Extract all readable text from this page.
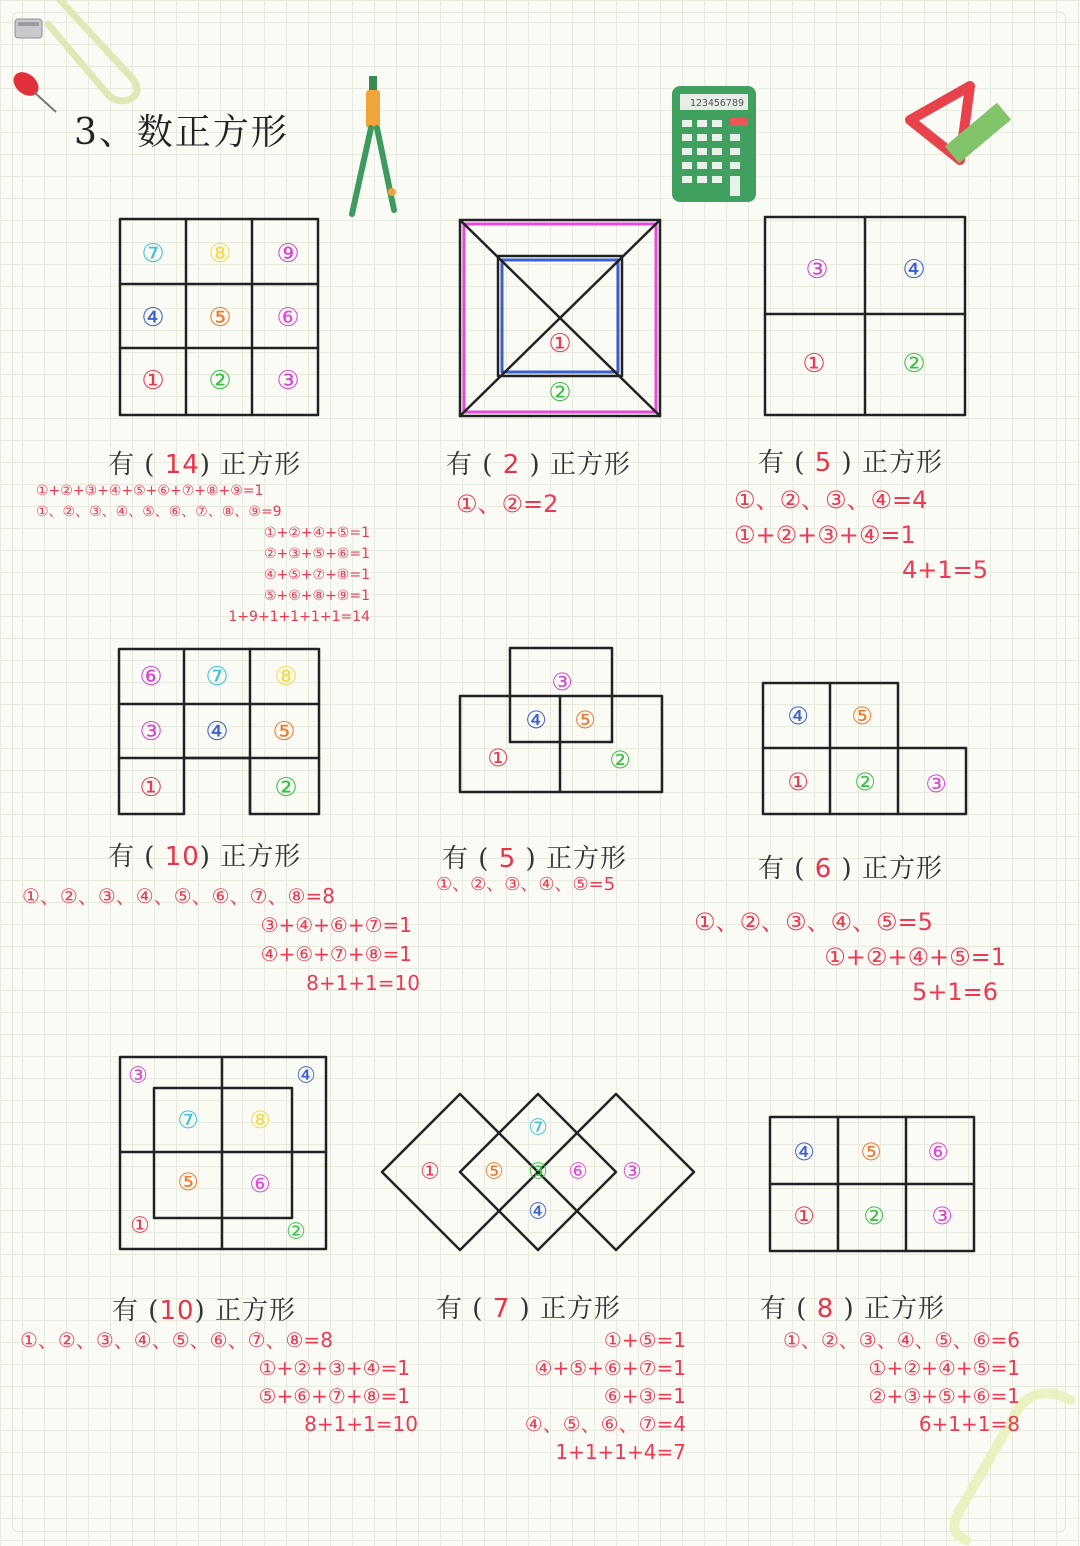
123456789
3、数正方形
⑦ ⑧ ⑨
④ ⑤ ⑥
① ② ③
有 ( 14) 正方形
①+②+③+④+⑤+⑥+⑦+⑧+⑨=1
①、②、③、④、⑤、⑥、⑦、⑧、⑨=9
①+②+④+⑤=1
②+③+⑤+⑥=1
④+⑤+⑦+⑧=1
⑤+⑥+⑧+⑨=1
1+9+1+1+1+1=14
①
②
有 ( 2 ) 正方形
①、②=2
③	④
①	②
有 ( 5 ) 正方形
①、②、③、④=4
①+②+③+④=1
4+1=5
⑥ ⑦ ⑧
③ ④ ⑤
①	②
有 ( 10) 正方形
①、②、③、④、⑤、⑥、⑦、⑧=8
③+④+⑥+⑦=1
④+⑥+⑦+⑧=1
8+1+1=10
③
④ ⑤
①	②
有 ( 5 ) 正方形
①、②、③、④、⑤=5
④ ⑤
① ② ③
有 ( 6 ) 正方形
①、②、③、④、⑤=5
①+②+④+⑤=1
5+1=6
③	④
⑦ ⑧
⑤ ⑥
①	②
有 (10) 正方形
①、②、③、④、⑤、⑥、⑦、⑧=8
①+②+③+④=1
⑤+⑥+⑦+⑧=1
8+1+1=10
⑦
① ⑤ ③ ⑥ ③
④
有 ( 7 ) 正方形
①+⑤=1
④+⑤+⑥+⑦=1
⑥+③=1
④、⑤、⑥、⑦=4
1+1+1+4=7
④ ⑤ ⑥
① ② ③
有 ( 8 ) 正方形
①、②、③、④、⑤、⑥=6
①+②+④+⑤=1
②+③+⑤+⑥=1
6+1+1=8
